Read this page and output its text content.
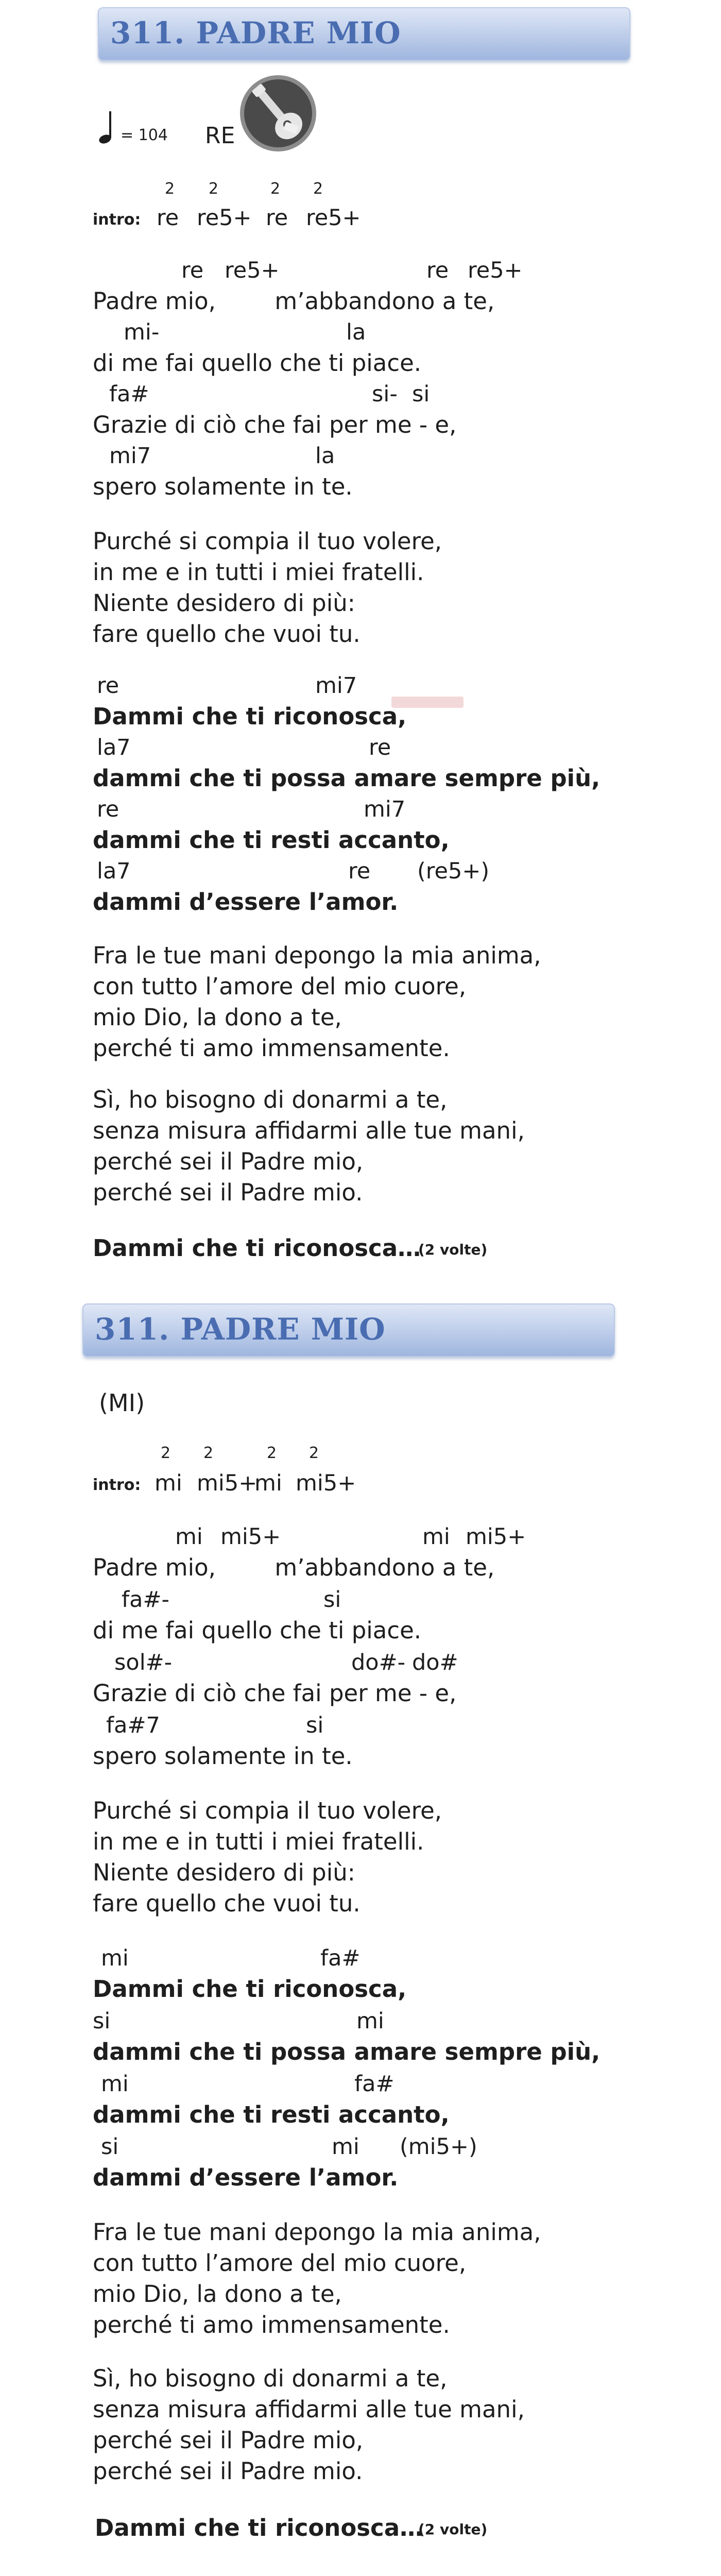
311. PADRE MIO
= 104 RE
2 2	2 2
intro: re re5+ re re5+
re re5+	re re5+
Padre mio,        m’abbandono a te,
mi-	la
di me fai quello che ti piace.
fa#	si- si
Grazie di ciò che fai per me - e,
mi7	la
spero solamente in te.
Purché si compia il tuo volere,
in me e in tutti i miei fratelli.
Niente desidero di più:
fare quello che vuoi tu.
re	mi7
Dammi che ti riconosca,
la7	re
dammi che ti possa amare sempre più,
re	mi7
dammi che ti resti accanto,
la7	re (re5+)
dammi d’essere l’amor.
Fra le tue mani depongo la mia anima,
con tutto l’amore del mio cuore,
mio Dio, la dono a te,
perché ti amo immensamente.
Sì, ho bisogno di donarmi a te,
senza misura affidarmi alle tue mani,
perché sei il Padre mio,
perché sei il Padre mio.
Dammi che ti riconosca…
(2 volte)
311. PADRE MIO
(MI)
2 2	2 2
intro: mi mi5+
mi mi5+
mi mi5+	mi mi5+
Padre mio,        m’abbandono a te,
fa#-	si
di me fai quello che ti piace.
sol#-	do#- do#
Grazie di ciò che fai per me - e,
fa#7	si
spero solamente in te.
Purché si compia il tuo volere,
in me e in tutti i miei fratelli.
Niente desidero di più:
fare quello che vuoi tu.
mi	fa#
Dammi che ti riconosca,
si	mi
dammi che ti possa amare sempre più,
mi	fa#
dammi che ti resti accanto,
si	mi (mi5+)
dammi d’essere l’amor.
Fra le tue mani depongo la mia anima,
con tutto l’amore del mio cuore,
mio Dio, la dono a te,
perché ti amo immensamente.
Sì, ho bisogno di donarmi a te,
senza misura affidarmi alle tue mani,
perché sei il Padre mio,
perché sei il Padre mio.
Dammi che ti riconosca…
(2 volte)
